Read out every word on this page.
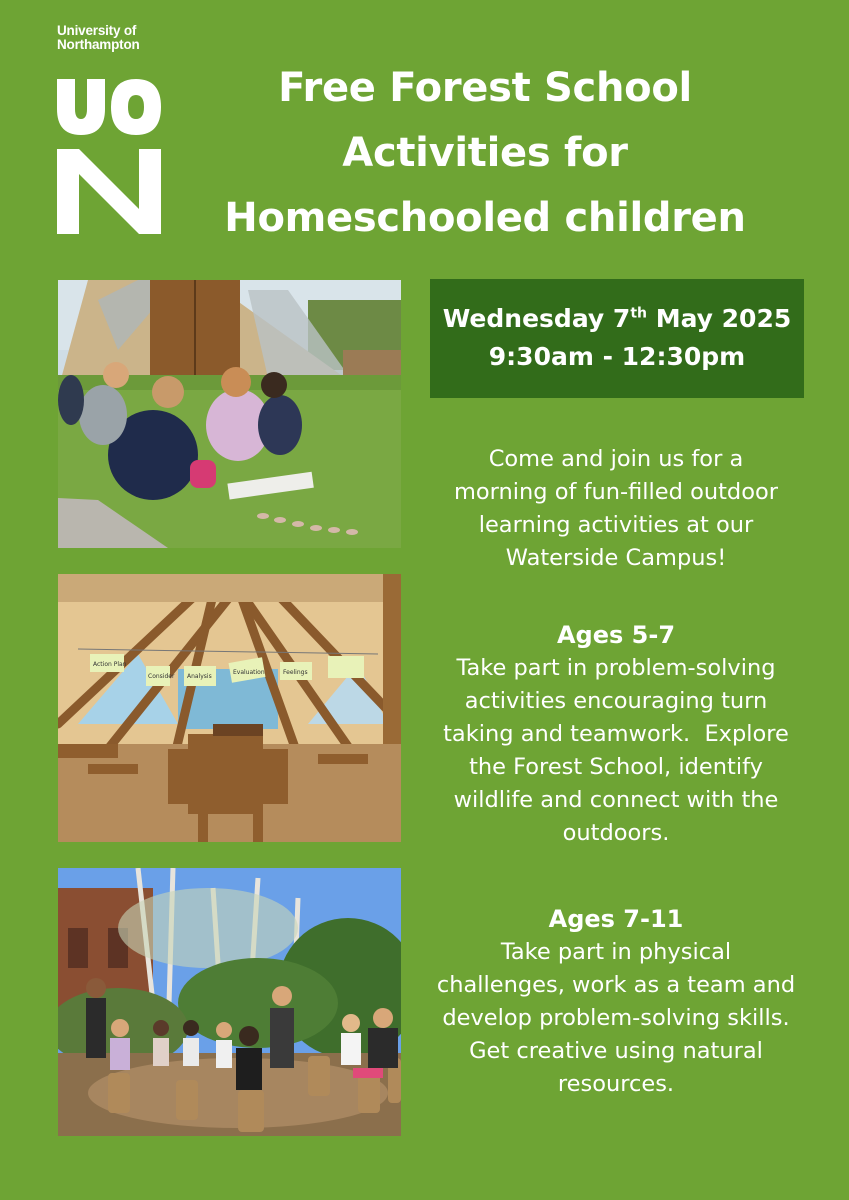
University of
Northampton
Free Forest School
Activities for
Homeschooled children
Action Plan
Consider Analysis
Evaluation	Feelings
Wednesday 7th May 2025
9:30am - 12:30pm
Come and join us for a
morning of fun-filled outdoor
learning activities at our
Waterside Campus!
Ages 5-7
Take part in problem-solving
activities encouraging turn
taking and teamwork.  Explore
the Forest School, identify
wildlife and connect with the
outdoors.
Ages 7-11
Take part in physical
challenges, work as a team and
develop problem-solving skills.
Get creative using natural
resources.
